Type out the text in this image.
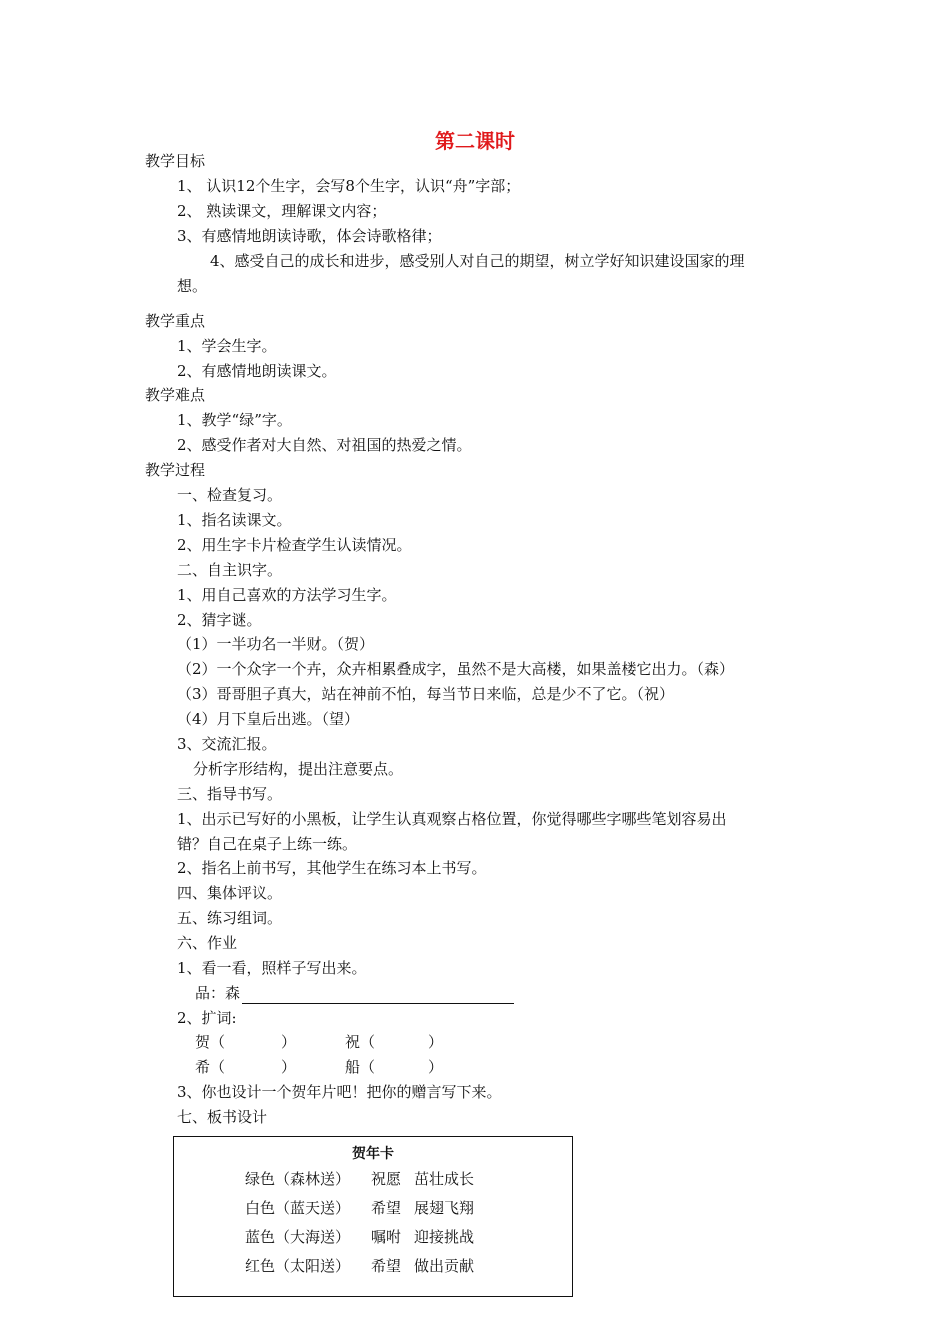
第二课时
教学目标
1、 认识12个生字，会写8个生字，认识“舟”字部；
2、 熟读课文，理解课文内容；
3、有感情地朗读诗歌，体会诗歌格律；
4、感受自己的成长和进步，感受别人对自己的期望，树立学好知识建设国家的理
想。
教学重点
1、学会生字。
2、有感情地朗读课文。
教学难点
1、教学“绿”字。
2、感受作者对大自然、对祖国的热爱之情。
教学过程
一、检查复习。
1、指名读课文。
2、用生字卡片检查学生认读情况。
二、自主识字。
1、用自己喜欢的方法学习生字。
2、猜字谜。
（1）一半功名一半财。（贺）
（2）一个众字一个卉，众卉相累叠成字，虽然不是大高楼，如果盖楼它出力。（森）
（3）哥哥胆子真大，站在神前不怕，每当节日来临，总是少不了它。（祝）
（4）月下皇后出逃。（望）
3、交流汇报。
分析字形结构，提出注意要点。
三、指导书写。
1、出示已写好的小黑板，让学生认真观察占格位置，你觉得哪些字哪些笔划容易出
错？自己在桌子上练一练。
2、指名上前书写，其他学生在练习本上书写。
四、集体评议。
五、练习组词。
六、作业
1、看一看，照样子写出来。
品：森
2、扩词:
贺（	）	祝（	）
希（	）	船（	）
3、你也设计一个贺年片吧！把你的赠言写下来。
七、板书设计
贺年卡
绿色（森林送） 祝愿 茁壮成长
白色（蓝天送） 希望 展翅飞翔
蓝色（大海送） 嘱咐 迎接挑战
红色（太阳送） 希望 做出贡献
